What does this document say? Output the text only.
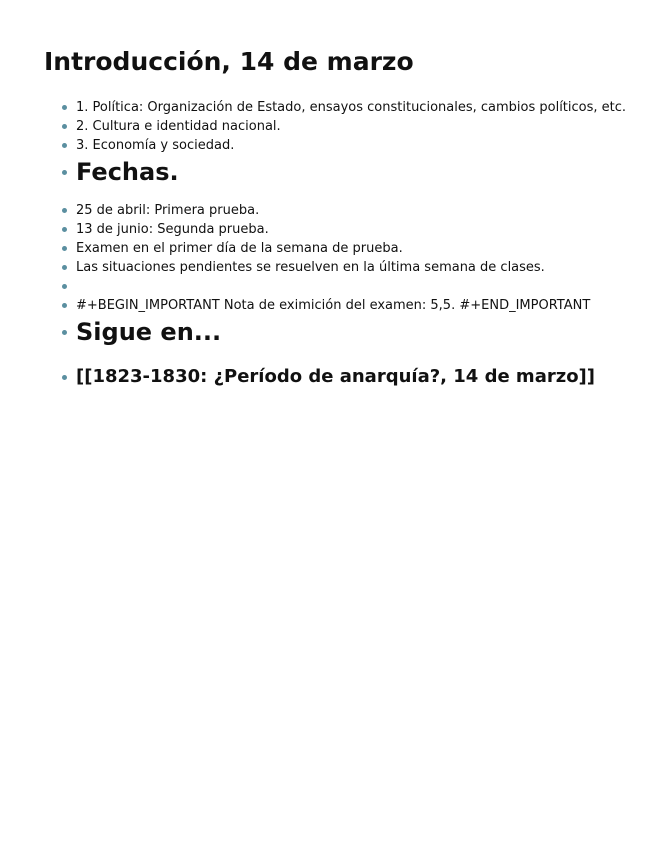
Introducción, 14 de marzo
1. Política: Organización de Estado, ensayos constitucionales, cambios políticos, etc.
2. Cultura e identidad nacional.
3. Economía y sociedad.
Fechas.
25 de abril: Primera prueba.
13 de junio: Segunda prueba.
Examen en el primer día de la semana de prueba.
Las situaciones pendientes se resuelven en la última semana de clases.
#+BEGIN_IMPORTANT Nota de eximición del examen: 5,5. #+END_IMPORTANT
Sigue en...
[[1823-1830: ¿Período de anarquía?, 14 de marzo]]
